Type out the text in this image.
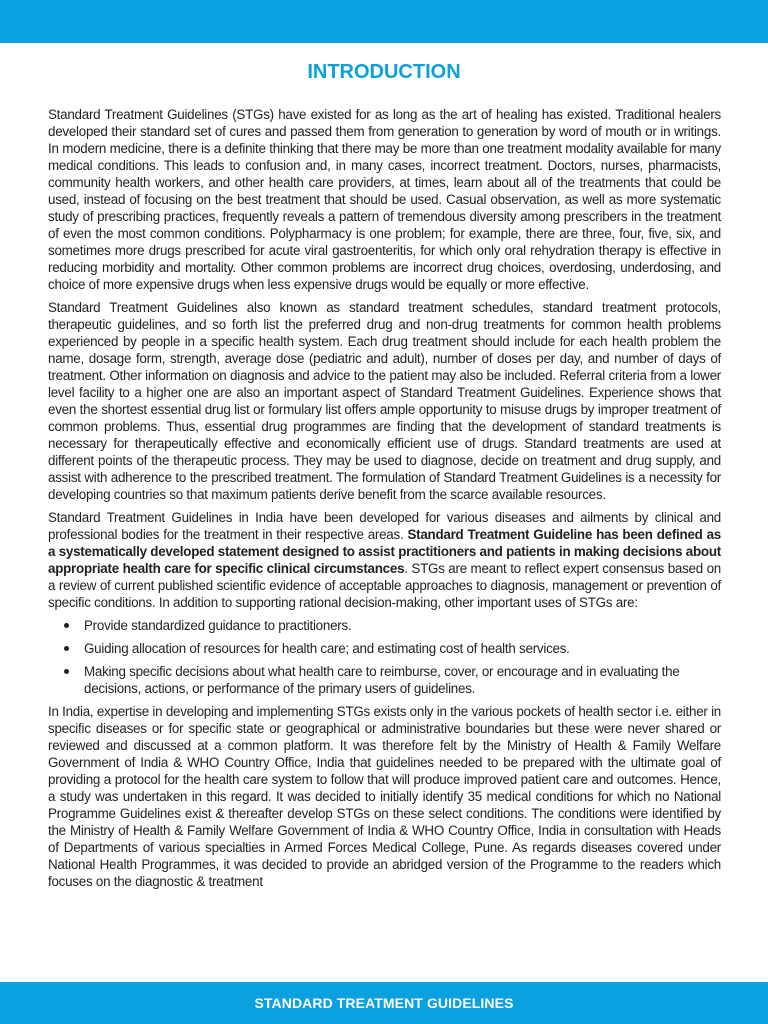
INTRODUCTION

Standard Treatment Guidelines (STGs) have existed for as long as the art of healing has existed. Traditional healers developed their standard set of cures and passed them from generation to generation by word of mouth or in writings. In modern medicine, there is a definite thinking that there may be more than one treatment modality available for many medical conditions. This leads to confusion and, in many cases, incorrect treatment. Doctors, nurses, pharmacists, community health workers, and other health care providers, at times, learn about all of the treatments that could be used, instead of focusing on the best treatment that should be used. Casual observation, as well as more systematic study of prescribing practices, frequently reveals a pattern of tremendous diversity among prescribers in the treatment of even the most common conditions. Polypharmacy is one problem; for example, there are three, four, five, six, and sometimes more drugs prescribed for acute viral gastroenteritis, for which only oral rehydration therapy is effective in reducing morbidity and mortality. Other common problems are incorrect drug choices, overdosing, underdosing, and choice of more expensive drugs when less expensive drugs would be equally or more effective.

Standard Treatment Guidelines also known as standard treatment schedules, standard treatment protocols, therapeutic guidelines, and so forth list the preferred drug and non-drug treatments for common health problems experienced by people in a specific health system. Each drug treatment should include for each health problem the name, dosage form, strength, average dose (pediatric and adult), number of doses per day, and number of days of treatment. Other information on diagnosis and advice to the patient may also be included. Referral criteria from a lower level facility to a higher one are also an important aspect of Standard Treatment Guidelines. Experience shows that even the shortest essential drug list or formulary list offers ample opportunity to misuse drugs by improper treatment of common problems. Thus, essential drug programmes are finding that the development of standard treatments is necessary for therapeutically effective and economically efficient use of drugs. Standard treatments are used at different points of the therapeutic process. They may be used to diagnose, decide on treatment and drug supply, and assist with adherence to the prescribed treatment. The formulation of Standard Treatment Guidelines is a necessity for developing countries so that maximum patients derive benefit from the scarce available resources.

Standard Treatment Guidelines in India have been developed for various diseases and ailments by clinical and professional bodies for the treatment in their respective areas. Standard Treatment Guideline has been defined as a systematically developed statement designed to assist practitioners and patients in making decisions about appropriate health care for specific clinical circumstances. STGs are meant to reflect expert consensus based on a review of current published scientific evidence of acceptable approaches to diagnosis, management or prevention of specific conditions. In addition to supporting rational decision-making, other important uses of STGs are:

Provide standardized guidance to practitioners.
Guiding allocation of resources for health care; and estimating cost of health services.
Making specific decisions about what health care to reimburse, cover, or encourage and in evaluating the decisions, actions, or performance of the primary users of guidelines.

In India, expertise in developing and implementing STGs exists only in the various pockets of health sector i.e. either in specific diseases or for specific state or geographical or administrative boundaries but these were never shared or reviewed and discussed at a common platform. It was therefore felt by the Ministry of Health & Family Welfare Government of India & WHO Country Office, India that guidelines needed to be prepared with the ultimate goal of providing a protocol for the health care system to follow that will produce improved patient care and outcomes. Hence, a study was undertaken in this regard. It was decided to initially identify 35 medical conditions for which no National Programme Guidelines exist & thereafter develop STGs on these select conditions. The conditions were identified by the Ministry of Health & Family Welfare Government of India & WHO Country Office, India in consultation with Heads of Departments of various specialties in Armed Forces Medical College, Pune. As regards diseases covered under National Health Programmes, it was decided to provide an abridged version of the Programme to the readers which focuses on the diagnostic & treatment

STANDARD TREATMENT GUIDELINES
